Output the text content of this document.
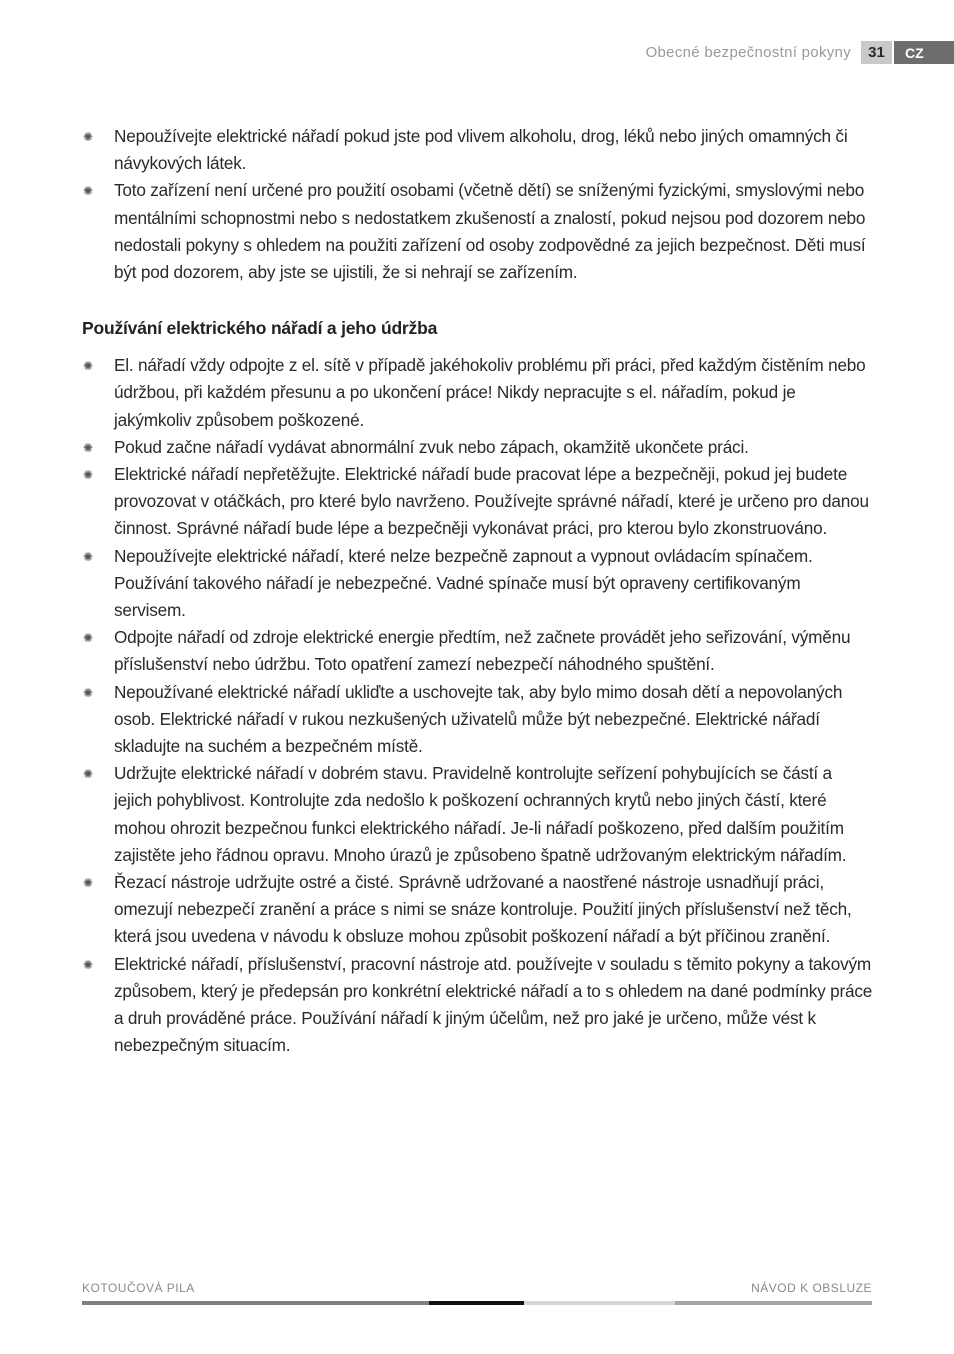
Obecné bezpečnostní pokyny	31	CZ
✺ Nepoužívejte elektrické nářadí pokud jste pod vlivem alkoholu, drog, léků nebo jiných omamných či návykových látek.
✺ Toto zařízení není určené pro použití osobami (včetně dětí) se sníženými fyzickými, smyslovými nebo mentálními schopnostmi nebo s nedostatkem zkušeností a znalostí, pokud nejsou pod dozorem nebo nedostali pokyny s ohledem na použiti zařízení od osoby zodpovědné za jejich bezpečnost. Děti musí být pod dozorem, aby jste se ujistili, že si nehrají se zařízením.
Používání elektrického nářadí a jeho údržba
✺ El. nářadí vždy odpojte z el. sítě v případě jakéhokoliv problému při práci, před každým čistěním nebo údržbou, při každém přesunu a po ukončení práce! Nikdy nepracujte s el. nářadím, pokud je jakýmkoliv způsobem poškozené.
✺ Pokud začne nářadí vydávat abnormální zvuk nebo zápach, okamžitě ukončete práci.
✺ Elektrické nářadí nepřetěžujte. Elektrické nářadí bude pracovat lépe a bezpečněji, pokud jej budete provozovat v otáčkách, pro které bylo navrženo. Používejte správné nářadí, které je určeno pro danou činnost. Správné nářadí bude lépe a bezpečněji vykonávat práci, pro kterou bylo zkonstruováno.
✺ Nepoužívejte elektrické nářadí, které nelze bezpečně zapnout a vypnout ovládacím spínačem. Používání takového nářadí je nebezpečné. Vadné spínače musí být opraveny certifikovaným servisem.
✺ Odpojte nářadí od zdroje elektrické energie předtím, než začnete provádět jeho seřizování, výměnu příslušenství nebo údržbu. Toto opatření zamezí nebezpečí náhodného spuštění.
✺ Nepoužívané elektrické nářadí ukliďte a uschovejte tak, aby bylo mimo dosah dětí a nepovolaných osob. Elektrické nářadí v rukou nezkušených uživatelů může být nebezpečné. Elektrické nářadí skladujte na suchém a bezpečném místě.
✺ Udržujte elektrické nářadí v dobrém stavu. Pravidelně kontrolujte seřízení pohybujících se částí a jejich pohyblivost. Kontrolujte zda nedošlo k poškození ochranných krytů nebo jiných částí, které mohou ohrozit bezpečnou funkci elektrického nářadí. Je-li nářadí poškozeno, před dalším použitím zajistěte jeho řádnou opravu. Mnoho úrazů je způsobeno špatně udržovaným elektrickým nářadím.
✺ Řezací nástroje udržujte ostré a čisté. Správně udržované a naostřené nástroje usnadňují práci, omezují nebezpečí zranění a práce s nimi se snáze kontroluje. Použití jiných příslušenství než těch, která jsou uvedena v návodu k obsluze mohou způsobit poškození nářadí a být příčinou zranění.
✺ Elektrické nářadí, příslušenství, pracovní nástroje atd. používejte v souladu s těmito pokyny a takovým způsobem, který je předepsán pro konkrétní elektrické nářadí a to s ohledem na dané podmínky práce a druh prováděné práce. Používání nářadí k jiným účelům, než pro jaké je určeno, může vést k nebezpečným situacím.
KOTOUČOVÁ PILA	NÁVOD K OBSLUZE
